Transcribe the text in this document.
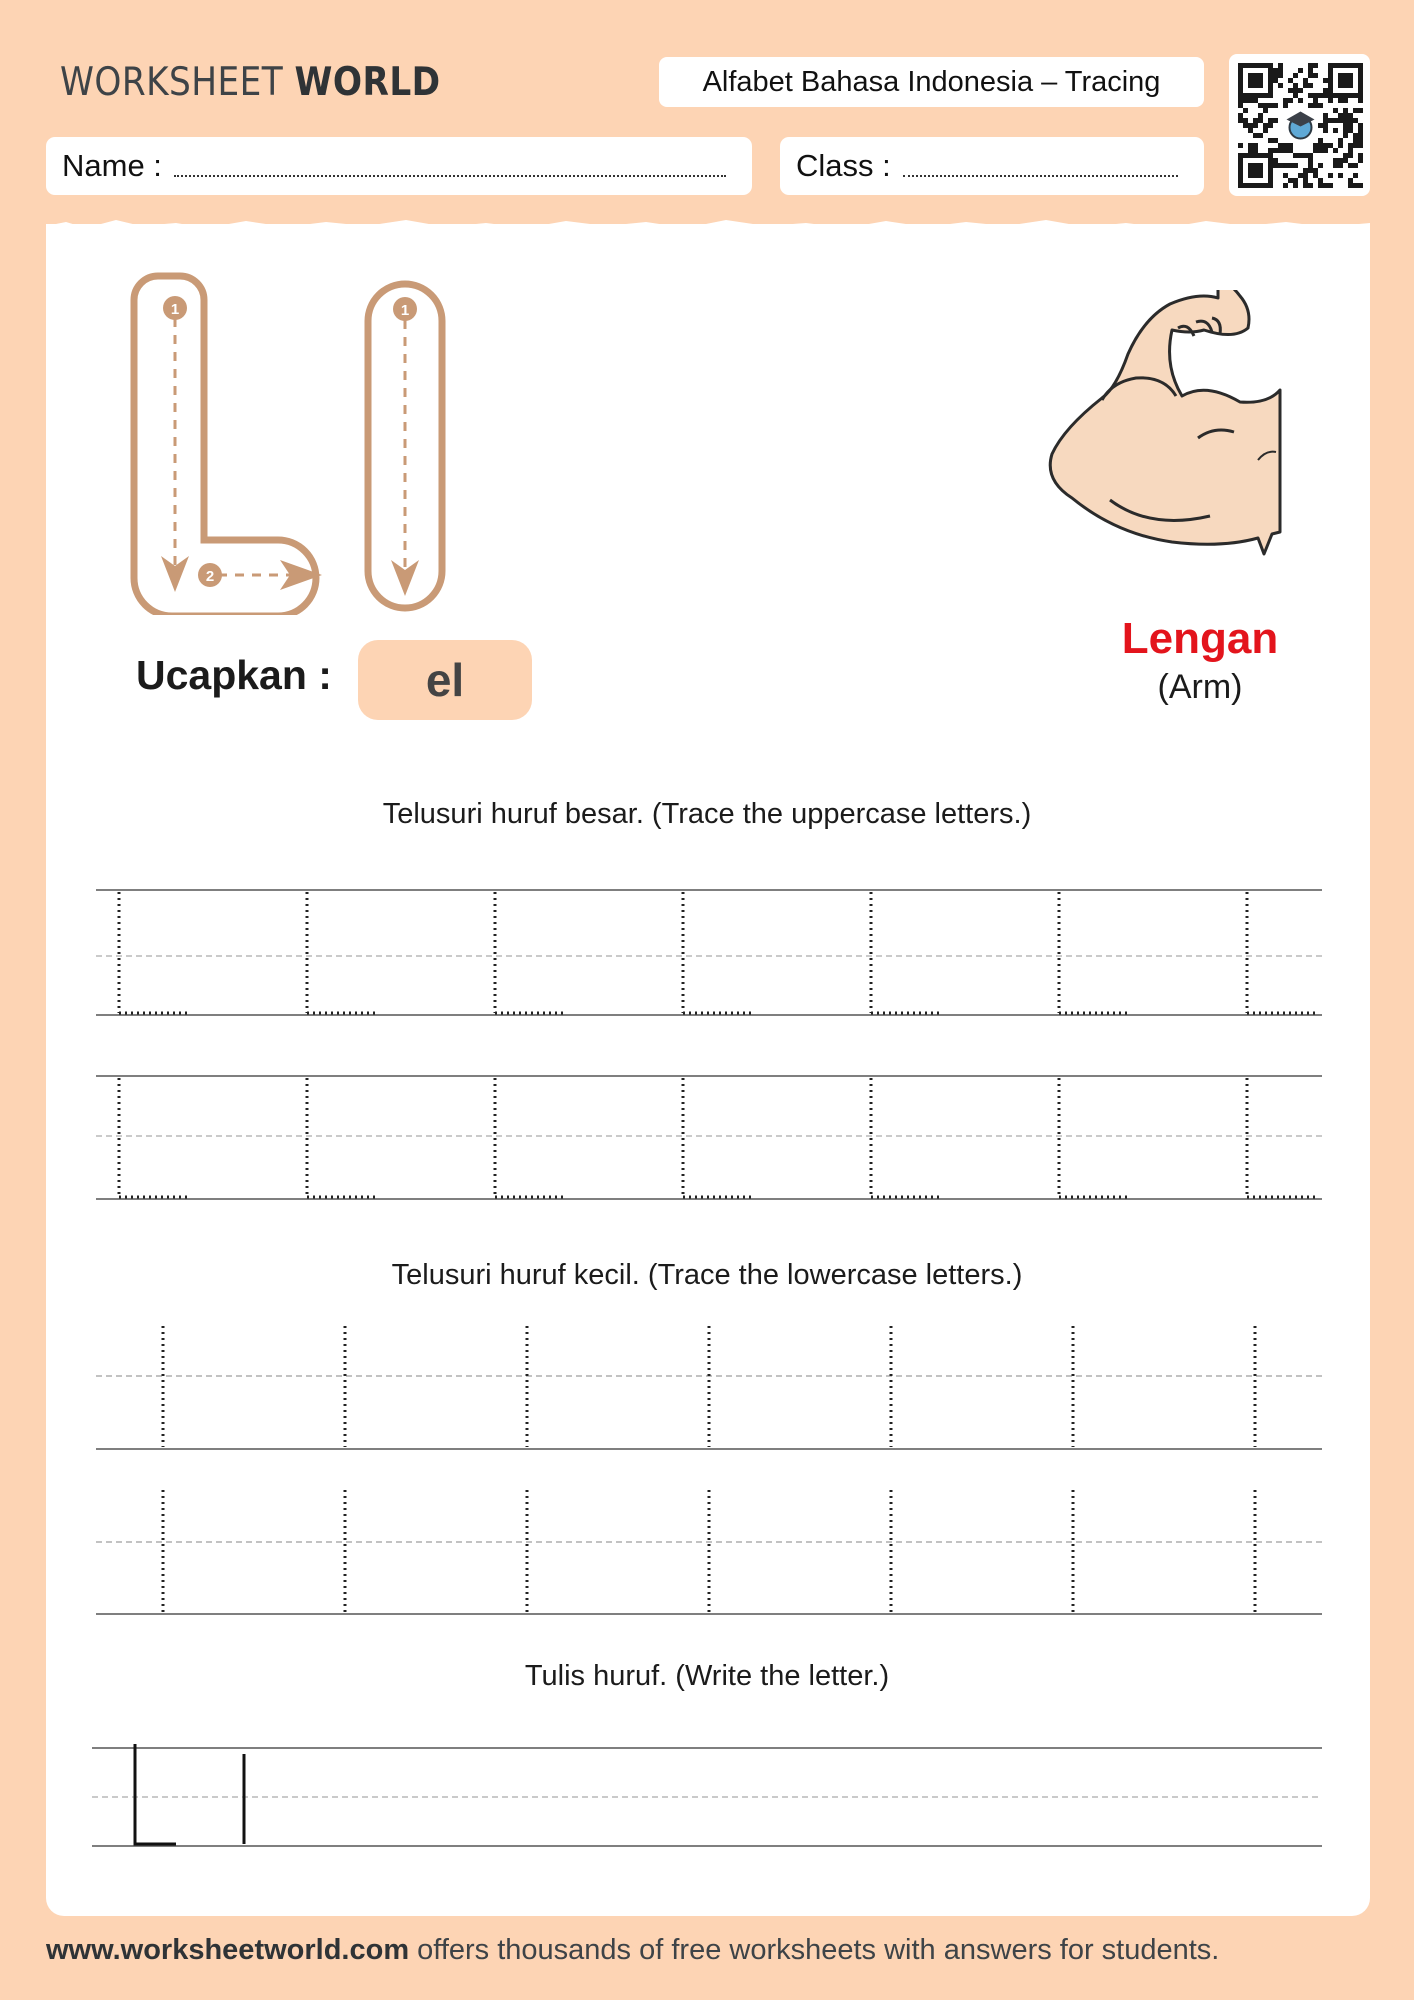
WORKSHEET WORLD	Alfabet Bahasa Indonesia – Tracing
Name :	Class :
1
2
1
Ucapkan :	el
Lengan
(Arm)
Telusuri huruf besar. (Trace the uppercase letters.)
Telusuri huruf kecil. (Trace the lowercase letters.)
Tulis huruf. (Write the letter.)
www.worksheetworld.com offers thousands of free worksheets with answers for students.
